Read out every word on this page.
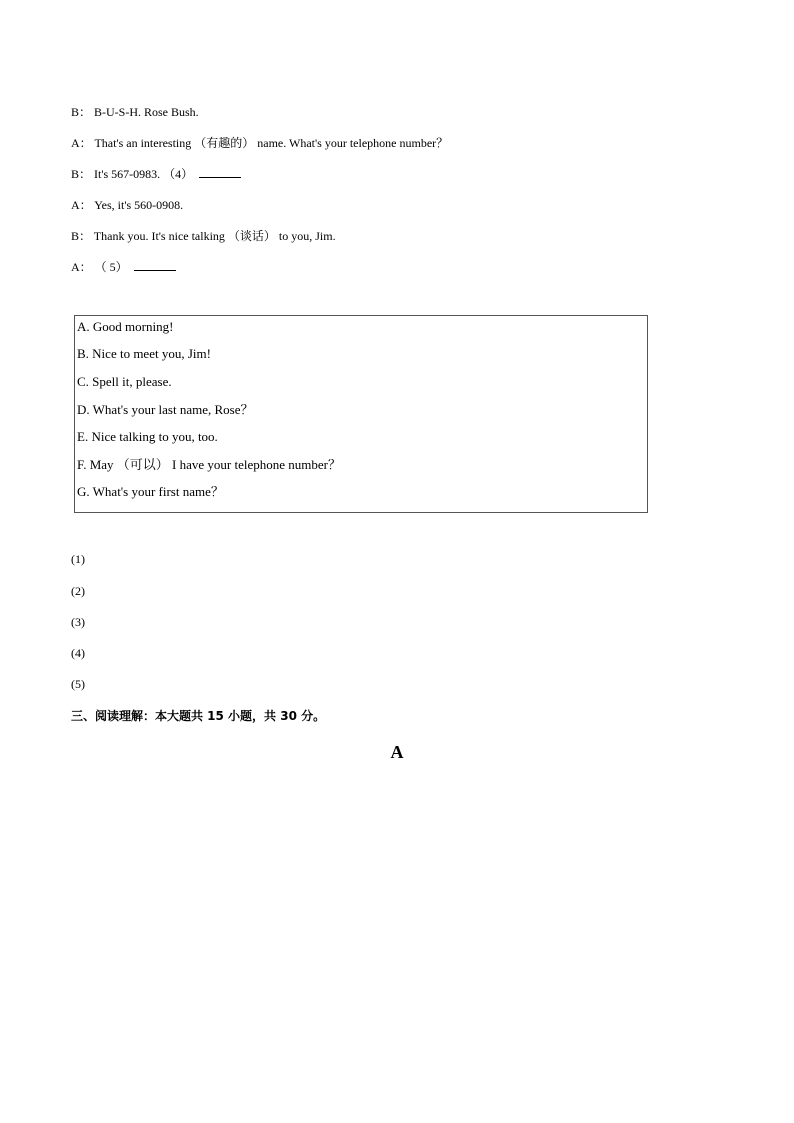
B： B-U-S-H. Rose Bush.
A： That's an interesting （有趣的） name. What's your telephone number？
B： It's 567-0983. （4）
A： Yes, it's 560-0908.
B： Thank you. It's nice talking （谈话） to you, Jim.
A： （ 5）
A. Good morning!
B. Nice to meet you, Jim!
C. Spell it, please.
D. What's your last name, Rose？
E. Nice talking to you, too.
F. May （可以） I have your telephone number？
G. What's your first name？
(1)
(2)
(3)
(4)
(5)
三、阅读理解：本大题共 15 小题，共 30 分。
A
